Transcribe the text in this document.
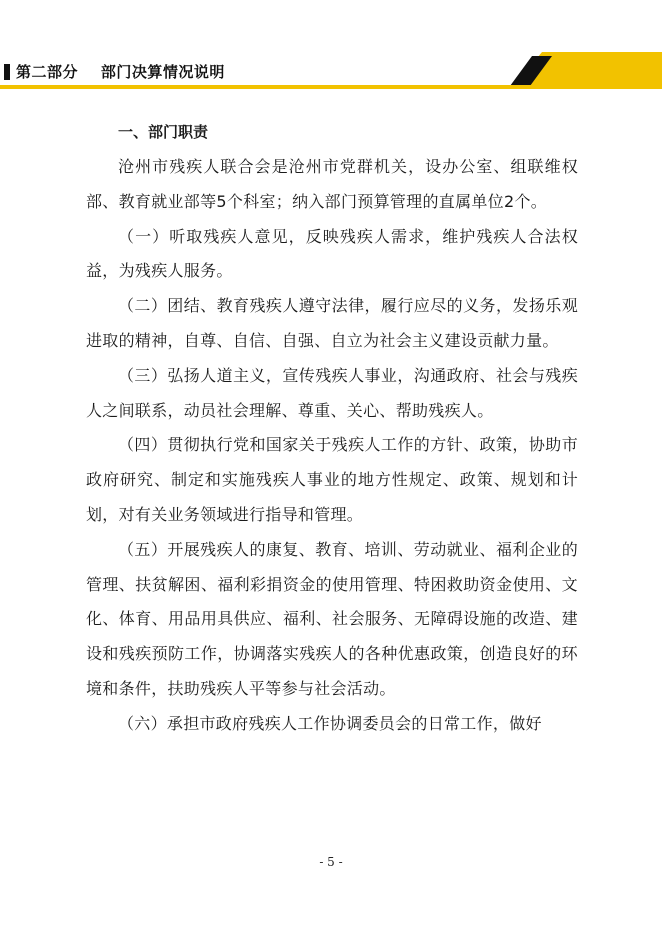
第二部分    部门决算情况说明
一、部门职责

沧州市残疾人联合会是沧州市党群机关，设办公室、组联维权部、教育就业部等5个科室；纳入部门预算管理的直属单位2个。

（一）听取残疾人意见，反映残疾人需求，维护残疾人合法权益，为残疾人服务。

（二）团结、教育残疾人遵守法律，履行应尽的义务，发扬乐观进取的精神，自尊、自信、自强、自立为社会主义建设贡献力量。

（三）弘扬人道主义，宣传残疾人事业，沟通政府、社会与残疾人之间联系，动员社会理解、尊重、关心、帮助残疾人。

（四）贯彻执行党和国家关于残疾人工作的方针、政策，协助市政府研究、制定和实施残疾人事业的地方性规定、政策、规划和计划，对有关业务领域进行指导和管理。

（五）开展残疾人的康复、教育、培训、劳动就业、福利企业的管理、扶贫解困、福利彩捐资金的使用管理、特困救助资金使用、文化、体育、用品用具供应、福利、社会服务、无障碍设施的改造、建设和残疾预防工作，协调落实残疾人的各种优惠政策，创造良好的环境和条件，扶助残疾人平等参与社会活动。

（六）承担市政府残疾人工作协调委员会的日常工作，做好

- 5 -
